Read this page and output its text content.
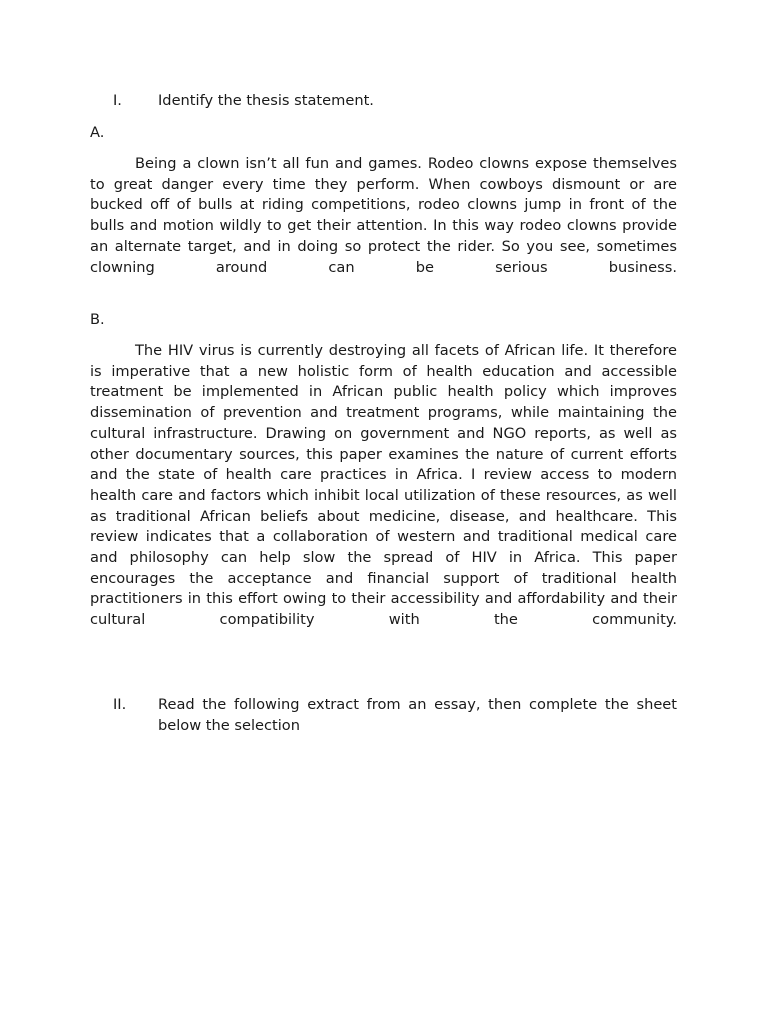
I.	Identify the thesis statement.
A.

Being a clown isn’t all fun and games. Rodeo clowns expose themselves to great danger every time they perform. When cowboys dismount or are bucked off of bulls at riding competitions, rodeo clowns jump in front of the bulls and motion wildly to get their attention. In this way rodeo clowns provide an alternate target, and in doing so protect the rider. So you see, sometimes clowning around can be serious business.

B.

The HIV virus is currently destroying all facets of African life. It therefore is imperative that a new holistic form of health education and accessible treatment be implemented in African public health policy which improves dissemination of prevention and treatment programs, while maintaining the cultural infrastructure. Drawing on government and NGO reports, as well as other documentary sources, this paper examines the nature of current efforts and the state of health care practices in Africa. I review access to modern health care and factors which inhibit local utilization of these resources, as well as traditional African beliefs about medicine, disease, and healthcare. This review indicates that a collaboration of western and traditional medical care and philosophy can help slow the spread of HIV in Africa. This paper encourages the acceptance and financial support of traditional health practitioners in this effort owing to their accessibility and affordability and their cultural compatibility with the community.

II.	Read the following extract from an essay, then complete the sheet below the selection
